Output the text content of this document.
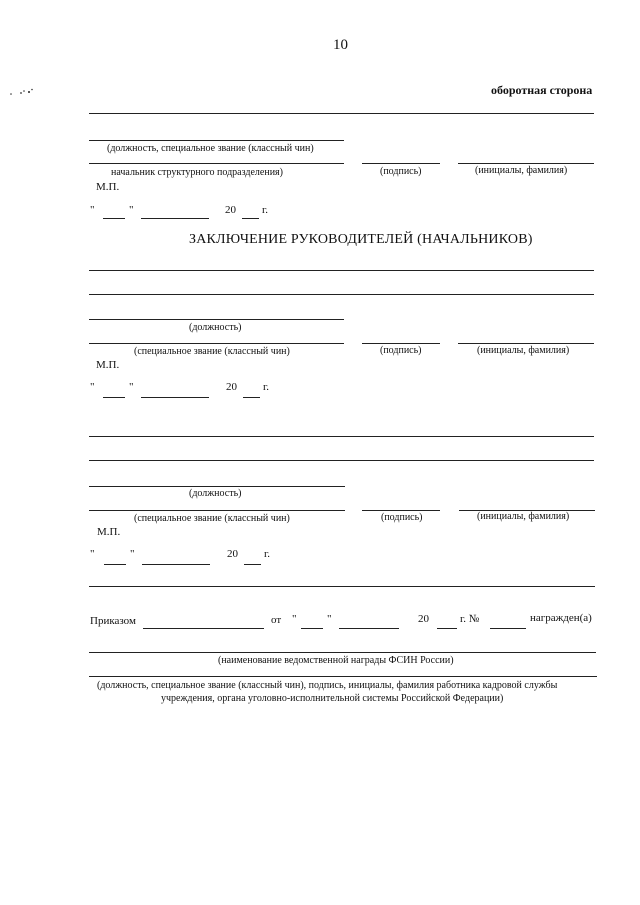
10
оборотная сторона
(должность, специальное звание (классный чин)
начальник структурного подразделения)	(подпись)	(инициалы, фамилия)
М.П.
"	"	20 г.
ЗАКЛЮЧЕНИЕ РУКОВОДИТЕЛЕЙ (НАЧАЛЬНИКОВ)
(должность)
(специальное звание (классный чин)	(подпись)	(инициалы, фамилия)
М.П.
"	"	20 г.
(должность)
(специальное звание (классный чин)	(подпись)	(инициалы, фамилия)
М.П.
"	"	20 г.
Приказом	от "	"	20	г. №	награжден(а)
(наименование ведомственной награды ФСИН России)
(должность, специальное звание (классный чин), подпись, инициалы, фамилия работника кадровой службы
учреждения, органа уголовно-исполнительной системы Российской Федерации)
